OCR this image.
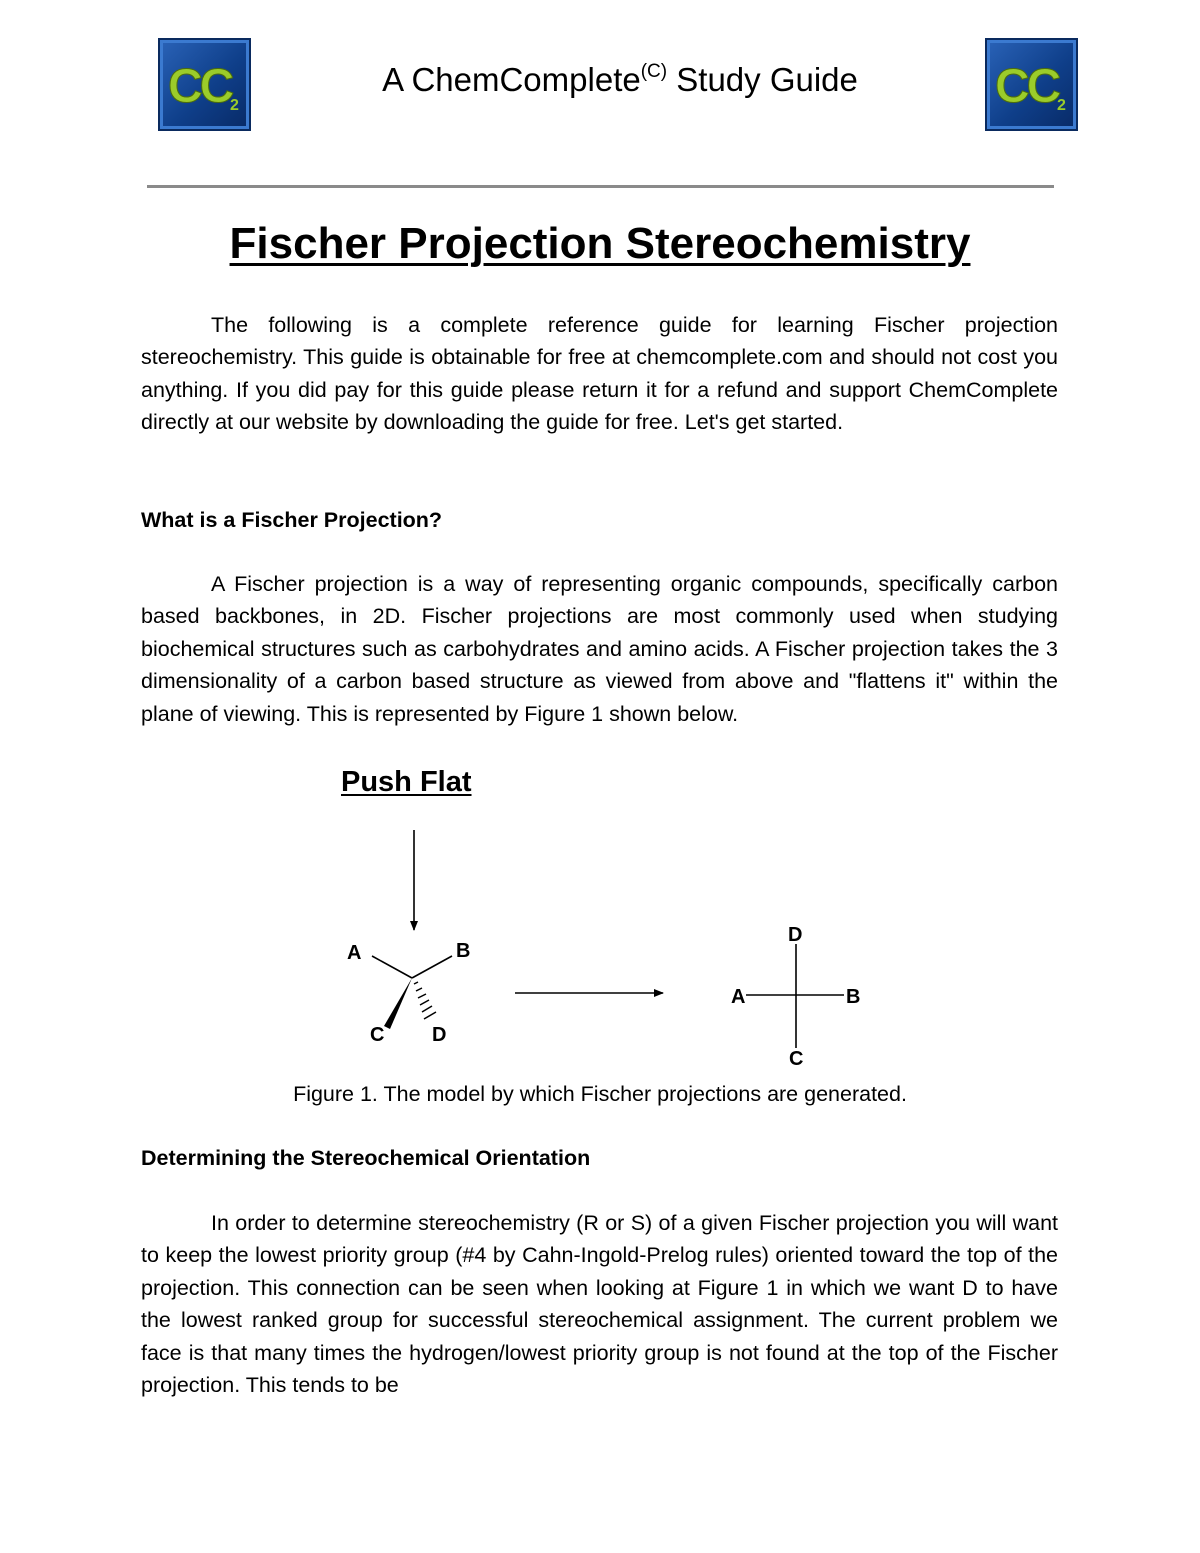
CC
2	CC
2
A ChemComplete$^{(C)}$ Study Guide
Fischer Projection Stereochemistry

The following is a complete reference guide for learning Fischer projection stereochemistry. This guide is obtainable for free at chemcomplete.com and should not cost you anything. If you did pay for this guide please return it for a refund and support ChemComplete directly at our website by downloading the guide for free. Let's get started.

What is a Fischer Projection?

A Fischer projection is a way of representing organic compounds, specifically carbon based backbones, in 2D. Fischer projections are most commonly used when studying biochemical structures such as carbohydrates and amino acids. A Fischer projection takes the 3 dimensionality of a carbon based structure as viewed from above and "flattens it" within the plane of viewing. This is represented by Figure 1 shown below.

Push Flat
A	B
C D
D
A	B
C
Figure 1. The model by which Fischer projections are generated.

Determining the Stereochemical Orientation

In order to determine stereochemistry (R or S) of a given Fischer projection you will want to keep the lowest priority group (#4 by Cahn-Ingold-Prelog rules) oriented toward the top of the projection. This connection can be seen when looking at Figure 1 in which we want D to have the lowest ranked group for successful stereochemical assignment. The current problem we face is that many times the hydrogen/lowest priority group is not found at the top of the Fischer projection. This tends to be
